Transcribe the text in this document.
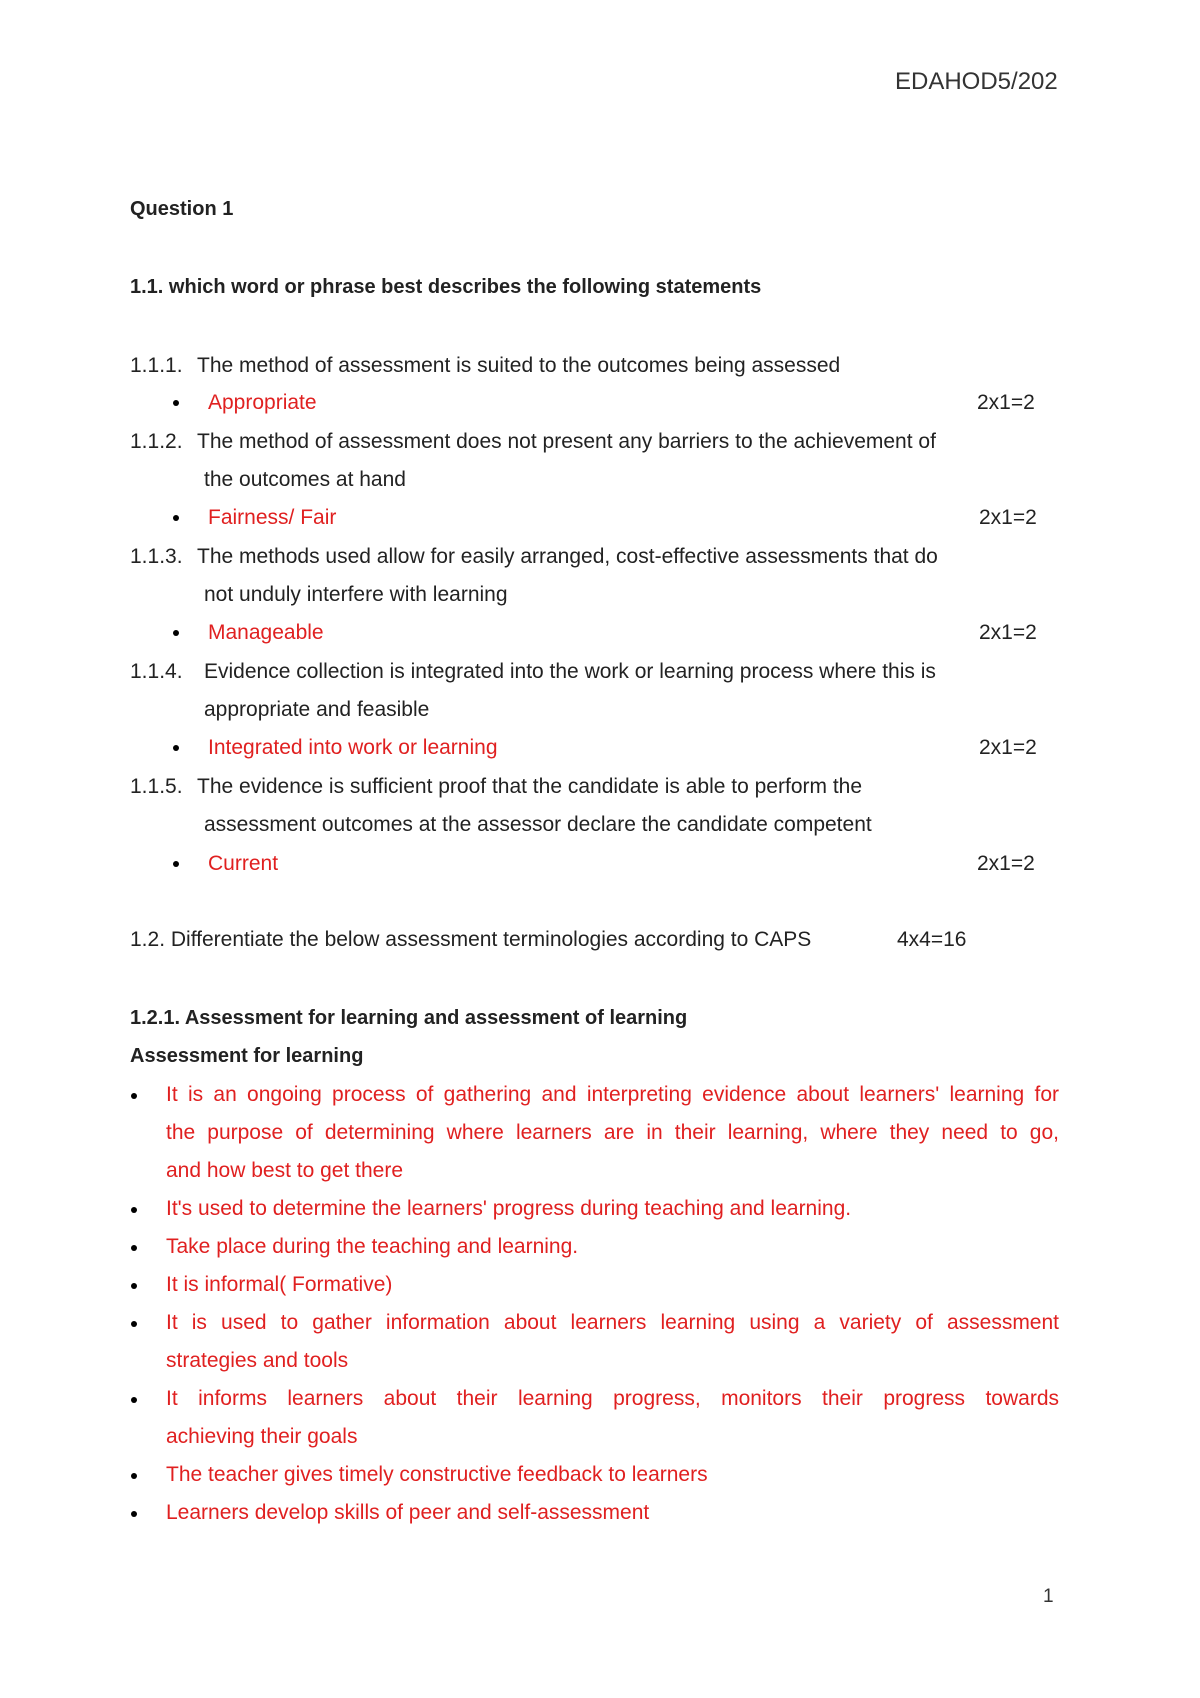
EDAHOD5/202
Question 1
1.1. which word or phrase best describes the following statements
1.1.1. The method of assessment is suited to the outcomes being assessed
Appropriate	2x1=2
1.1.2. The method of assessment does not present any barriers to the achievement of
the outcomes at hand
Fairness/ Fair	2x1=2
1.1.3. The methods used allow for easily arranged, cost-effective assessments that do
not unduly interfere with learning
Manageable	2x1=2
1.1.4. Evidence collection is integrated into the work or learning process where this is
appropriate and feasible
Integrated into work or learning	2x1=2
1.1.5. The evidence is sufficient proof that the candidate is able to perform the
assessment outcomes at the assessor declare the candidate competent
Current	2x1=2
1.2. Differentiate the below assessment terminologies according to CAPS	4x4=16
1.2.1. Assessment for learning and assessment of learning
Assessment for learning
It is an ongoing process of gathering and interpreting evidence about learners' learning for
the purpose of determining where learners are in their learning, where they need to go,
and how best to get there
It's used to determine the learners' progress during teaching and learning.
Take place during the teaching and learning.
It is informal( Formative)
It is used to gather information about learners learning using a variety of assessment
strategies and tools
It informs learners about their learning progress, monitors their progress towards
achieving their goals
The teacher gives timely constructive feedback to learners
Learners develop skills of peer and self-assessment
1
